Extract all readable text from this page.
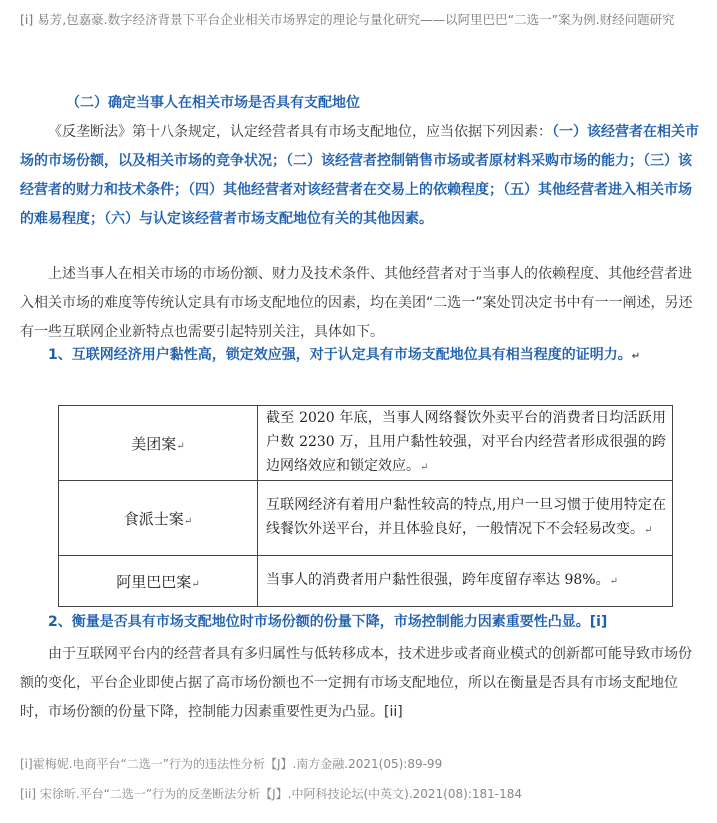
[i] 易芳,包嘉豪.数字经济背景下平台企业相关市场界定的理论与量化研究——以阿里巴巴“二选一”案为例.财经问题研究
（二）确定当事人在相关市场是否具有支配地位
《反垄断法》第十八条规定，认定经营者具有市场支配地位，应当依据下列因素：（一）该经营者在相关市场的市场份额，以及相关市场的竞争状况；（二）该经营者控制销售市场或者原材料采购市场的能力；（三）该经营者的财力和技术条件；（四）其他经营者对该经营者在交易上的依赖程度；（五）其他经营者进入相关市场的难易程度；（六）与认定该经营者市场支配地位有关的其他因素。
上述当事人在相关市场的市场份额、财力及技术条件、其他经营者对于当事人的依赖程度、其他经营者进入相关市场的难度等传统认定具有市场支配地位的因素，均在美团“二选一”案处罚决定书中有一一阐述，另还有一些互联网企业新特点也需要引起特别关注，具体如下。
1、互联网经济用户黏性高，锁定效应强，对于认定具有市场支配地位具有相当程度的证明力。↵
美团案↵	截至 2020 年底，当事人网络餐饮外卖平台的消费者日均活跃用户数 2230 万，且用户黏性较强，对平台内经营者形成很强的跨边网络效应和锁定效应。↵
食派士案↵	互联网经济有着用户黏性较高的特点,用户一旦习惯于使用特定在线餐饮外送平台，并且体验良好，一般情况下不会轻易改变。↵
阿里巴巴案↵	当事人的消费者用户黏性很强，跨年度留存率达 98%。↵
2、衡量是否具有市场支配地位时市场份额的份量下降，市场控制能力因素重要性凸显。[i]
由于互联网平台内的经营者具有多归属性与低转移成本，技术进步或者商业模式的创新都可能导致市场份额的变化，平台企业即使占据了高市场份额也不一定拥有市场支配地位，所以在衡量是否具有市场支配地位时，市场份额的份量下降，控制能力因素重要性更为凸显。[ii]
[i]霍梅妮.电商平台“二选一”行为的违法性分析【J】.南方金融.2021(05):89-99
[ii] 宋徐昕.平台“二选一”行为的反垄断法分析【J】.中阿科技论坛(中英文).2021(08):181-184
